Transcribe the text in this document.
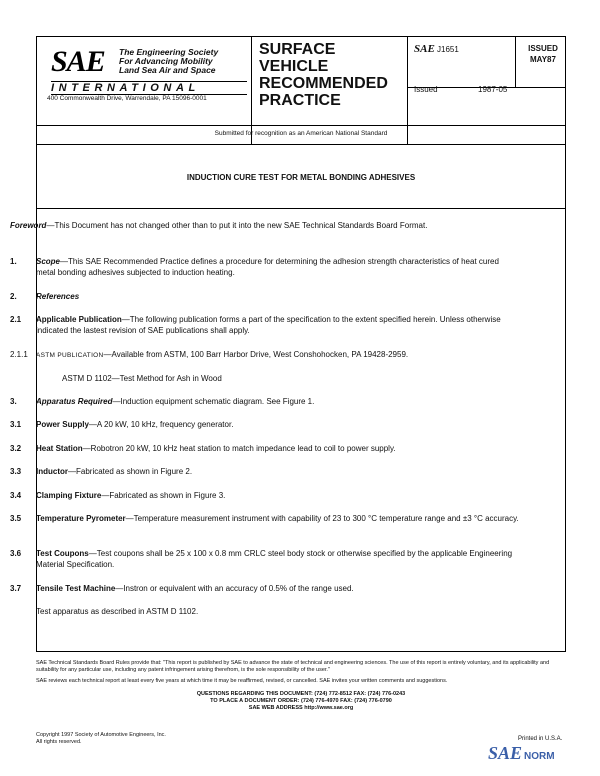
SAE The Engineering Society
For Advancing Mobility
Land Sea Air and Space
INTERNATIONAL
400 Commonwealth Drive, Warrendale, PA 15096-0001
SURFACE
VEHICLE
RECOMMENDED
PRACTICE
SAE J1651
Issued	1987-05
ISSUED
MAY87
Submitted for recognition as an American National Standard
INDUCTION CURE TEST FOR METAL BONDING ADHESIVES
Foreword—This Document has not changed other than to put it into the new SAE Technical Standards Board Format.
1. Scope—This SAE Recommended Practice defines a procedure for determining the adhesion strength characteristics of heat cured metal bonding adhesives subjected to induction heating.
2. References
2.1 Applicable Publication—The following publication forms a part of the specification to the extent specified herein. Unless otherwise indicated the lastest revision of SAE publications shall apply.
2.1.1 ASTM PUBLICATION—Available from ASTM, 100 Barr Harbor Drive, West Conshohocken, PA 19428-2959.
ASTM D 1102—Test Method for Ash in Wood
3. Apparatus Required—Induction equipment schematic diagram. See Figure 1.
3.1 Power Supply—A 20 kW, 10 kHz, frequency generator.
3.2 Heat Station—Robotron 20 kW, 10 kHz heat station to match impedance lead to coil to power supply.
3.3 Inductor—Fabricated as shown in Figure 2.
3.4 Clamping Fixture—Fabricated as shown in Figure 3.
3.5 Temperature Pyrometer—Temperature measurement instrument with capability of 23 to 300 °C temperature range and ±3 °C accuracy.
3.6 Test Coupons—Test coupons shall be 25 x 100 x 0.8 mm CRLC steel body stock or otherwise specified by the applicable Engineering Material Specification.
3.7 Tensile Test Machine—Instron or equivalent with an accuracy of 0.5% of the range used.
Test apparatus as described in ASTM D 1102.
SAE Technical Standards Board Rules provide that: "This report is published by SAE to advance the state of technical and engineering sciences. The use of this report is entirely voluntary, and its applicability and suitability for any particular use, including any patent infringement arising therefrom, is the sole responsibility of the user."
SAE reviews each technical report at least every five years at which time it may be reaffirmed, revised, or cancelled. SAE invites your written comments and suggestions.
QUESTIONS REGARDING THIS DOCUMENT: (724) 772-8512 FAX: (724) 776-0243
TO PLACE A DOCUMENT ORDER: (724) 776-4970 FAX: (724) 776-0790
SAE WEB ADDRESS http://www.sae.org
Copyright 1997 Society of Automotive Engineers, Inc.
All rights reserved.	Printed in U.S.A.
SAE NORM
